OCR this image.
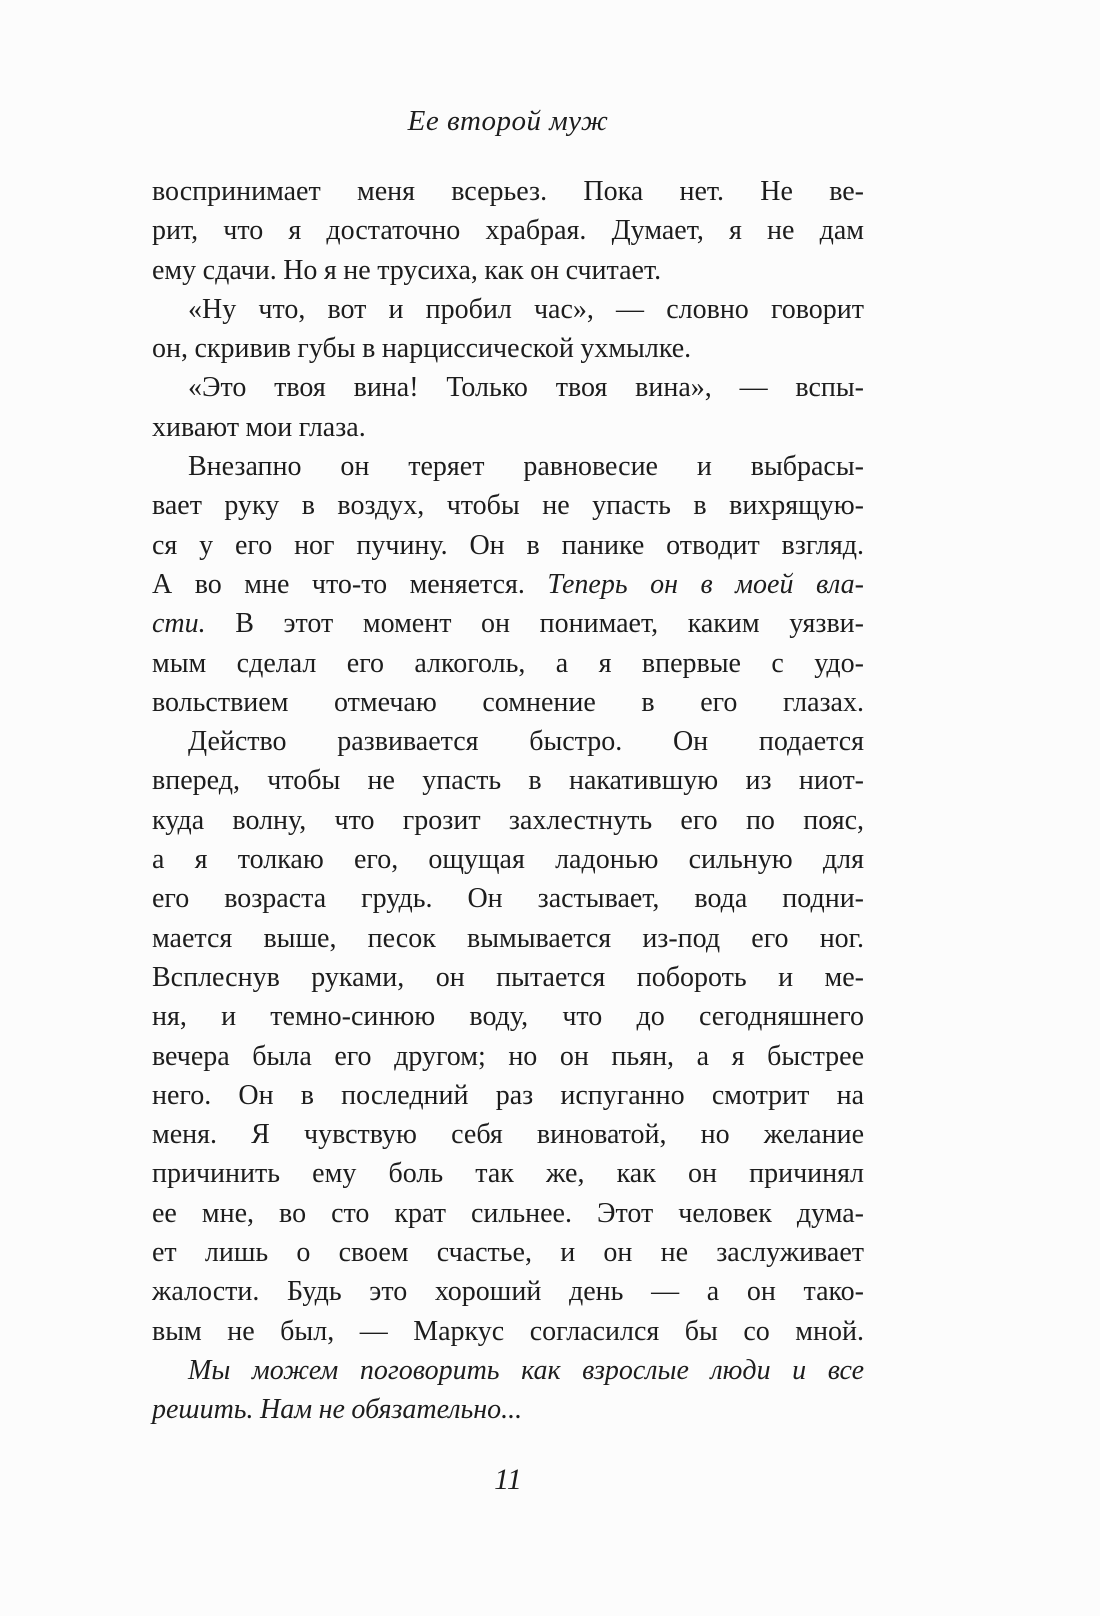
Ее второй муж
воспринимает меня всерьез. Пока нет. Не ве-
рит, что я достаточно храбрая. Думает, я не дам
ему сдачи. Но я не трусиха, как он считает.
«Ну что, вот и пробил час», — словно говорит
он, скривив губы в нарциссической ухмылке.
«Это твоя вина! Только твоя вина», — вспы-
хивают мои глаза.
Внезапно он теряет равновесие и выбрасы-
вает руку в воздух, чтобы не упасть в вихрящую-
ся у его ног пучину. Он в панике отводит взгляд.
А во мне что-то меняется. Теперь он в моей вла-
сти. В этот момент он понимает, каким уязви-
мым сделал его алкоголь, а я впервые с удо-
вольствием отмечаю сомнение в его глазах.
Действо развивается быстро. Он подается
вперед, чтобы не упасть в накатившую из ниот-
куда волну, что грозит захлестнуть его по пояс,
а я толкаю его, ощущая ладонью сильную для
его возраста грудь. Он застывает, вода подни-
мается выше, песок вымывается из-под его ног.
Всплеснув руками, он пытается побороть и ме-
ня, и темно-синюю воду, что до сегодняшнего
вечера была его другом; но он пьян, а я быстрее
него. Он в последний раз испуганно смотрит на
меня. Я чувствую себя виноватой, но желание
причинить ему боль так же, как он причинял
ее мне, во сто крат сильнее. Этот человек дума-
ет лишь о своем счастье, и он не заслуживает
жалости. Будь это хороший день — а он тако-
вым не был, — Маркус согласился бы со мной.
Мы можем поговорить как взрослые люди и все
решить. Нам не обязательно...
11
